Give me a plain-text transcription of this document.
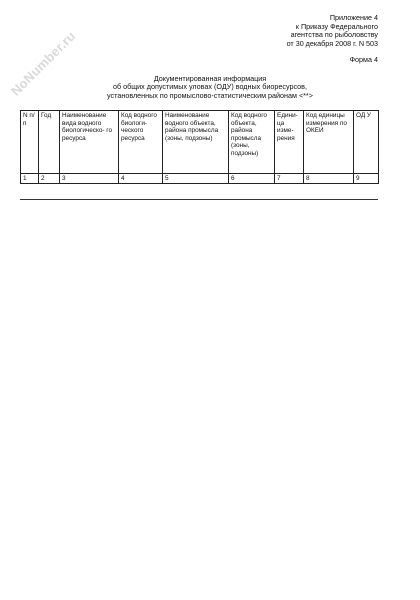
NoNumber.ru
Приложение 4
к Приказу Федерального
агентства по рыболовству
от 30 декабря 2008 г. N 503
Форма 4
Документированная информация
об общих допустимых уловах (ОДУ) водных биоресурсов,
установленных по промыслово-статистическим районам <**>
N п/п	Год	Наименование вида водного биологическо- го ресурса	Код водного биологи- ческого ресурса	Наименование водного объекта, района промысла (зоны, подзоны)	Код водного объекта, района промысла (зоны, подзоны)	Едини- ца изме- рения	Код единицы измерения по ОКЕИ	ОД У
1	2	3	4	5	6	7	8	9
